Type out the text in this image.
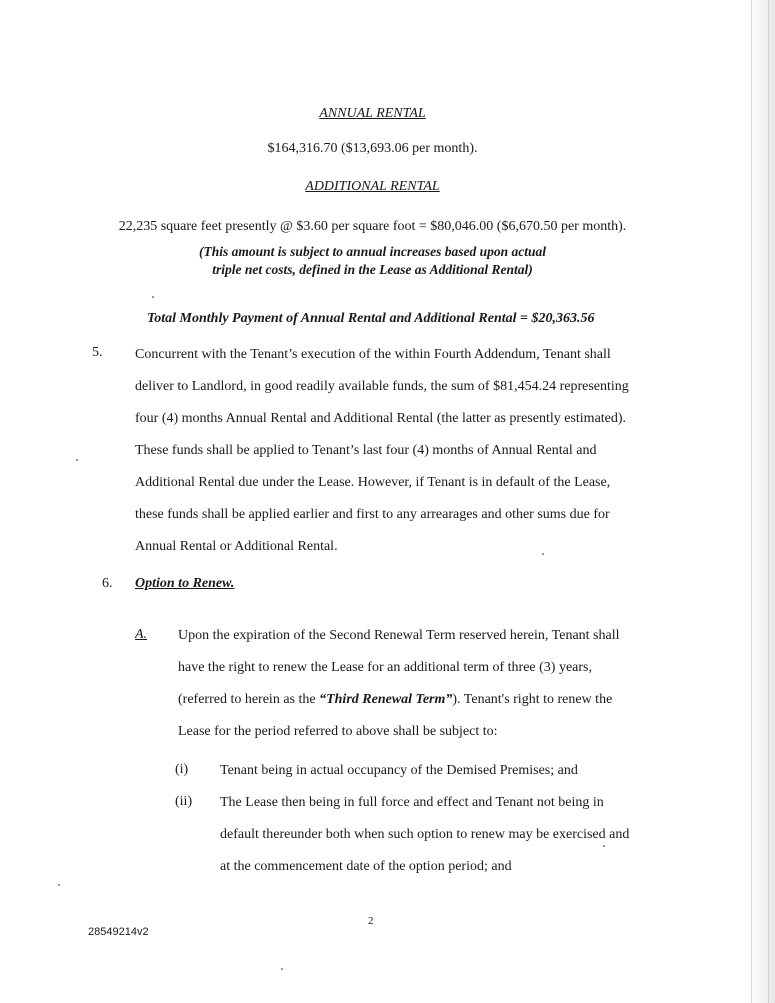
ANNUAL RENTAL
$164,316.70 ($13,693.06 per month).
ADDITIONAL RENTAL
22,235 square feet presently @ $3.60 per square foot = $80,046.00 ($6,670.50 per month).
(This amount is subject to annual increases based upon actual
triple net costs, defined in the Lease as Additional Rental)
Total Monthly Payment of Annual Rental and Additional Rental = $20,363.56
5. Concurrent with the Tenant’s execution of the within Fourth Addendum, Tenant shall
deliver to Landlord, in good readily available funds, the sum of $81,454.24 representing
four (4) months Annual Rental and Additional Rental (the latter as presently estimated).
These funds shall be applied to Tenant’s last four (4) months of Annual Rental and
Additional Rental due under the Lease. However, if Tenant is in default of the Lease,
these funds shall be applied earlier and first to any arrearages and other sums due for
Annual Rental or Additional Rental.
6. Option to Renew.
A. Upon the expiration of the Second Renewal Term reserved herein, Tenant shall
have the right to renew the Lease for an additional term of three (3) years,
(referred to herein as the “Third Renewal Term”). Tenant's right to renew the
Lease for the period referred to above shall be subject to:
(i) Tenant being in actual occupancy of the Demised Premises; and
(ii) The Lease then being in full force and effect and Tenant not being in
default thereunder both when such option to renew may be exercised and
at the commencement date of the option period; and
2
28549214v2
